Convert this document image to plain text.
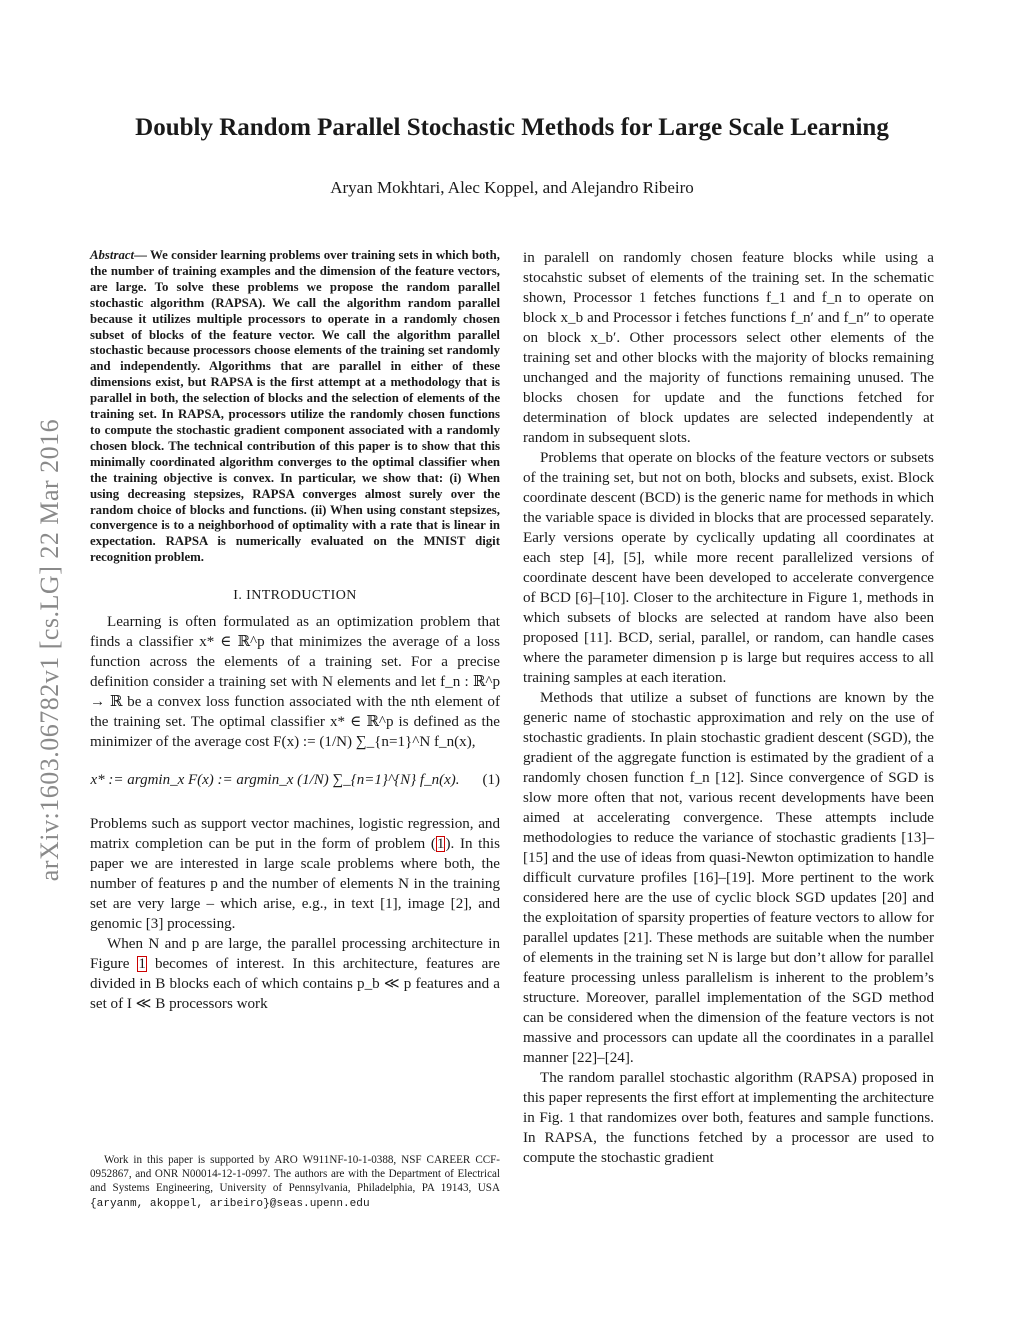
arXiv:1603.06782v1 [cs.LG] 22 Mar 2016
Doubly Random Parallel Stochastic Methods for Large Scale Learning
Aryan Mokhtari, Alec Koppel, and Alejandro Ribeiro

Abstract— We consider learning problems over training sets in which both, the number of training examples and the dimension of the feature vectors, are large. To solve these problems we propose the random parallel stochastic algorithm (RAPSA). We call the algorithm random parallel because it utilizes multiple processors to operate in a randomly chosen subset of blocks of the feature vector. We call the algorithm parallel stochastic because processors choose elements of the training set randomly and independently. Algorithms that are parallel in either of these dimensions exist, but RAPSA is the first attempt at a methodology that is parallel in both, the selection of blocks and the selection of elements of the training set. In RAPSA, processors utilize the randomly chosen functions to compute the stochastic gradient component associated with a randomly chosen block. The technical contribution of this paper is to show that this minimally coordinated algorithm converges to the optimal classifier when the training objective is convex. In particular, we show that: (i) When using decreasing stepsizes, RAPSA converges almost surely over the random choice of blocks and functions. (ii) When using constant stepsizes, convergence is to a neighborhood of optimality with a rate that is linear in expectation. RAPSA is numerically evaluated on the MNIST digit recognition problem.

I. INTRODUCTION

Learning is often formulated as an optimization problem that finds a classifier x* ∈ ℝ^p that minimizes the average of a loss function across the elements of a training set. For a precise definition consider a training set with N elements and let f_n : ℝ^p → ℝ be a convex loss function associated with the nth element of the training set. The optimal classifier x* ∈ ℝ^p is defined as the minimizer of the average cost F(x) := (1/N) ∑_{n=1}^N f_n(x),

x* := argmin_x F(x) := argmin_x (1/N) ∑_{n=1}^{N} f_n(x). (1)

Problems such as support vector machines, logistic regression, and matrix completion can be put in the form of problem (1). In this paper we are interested in large scale problems where both, the number of features p and the number of elements N in the training set are very large – which arise, e.g., in text [1], image [2], and genomic [3] processing.

When N and p are large, the parallel processing architecture in Figure 1 becomes of interest. In this architecture, features are divided in B blocks each of which contains p_b ≪ p features and a set of I ≪ B processors work

Work in this paper is supported by ARO W911NF-10-1-0388, NSF CAREER CCF-0952867, and ONR N00014-12-1-0997. The authors are with the Department of Electrical and Systems Engineering, University of Pennsylvania, Philadelphia, PA 19143, USA {aryanm, akoppel, aribeiro}@seas.upenn.edu

in paralell on randomly chosen feature blocks while using a stocahstic subset of elements of the training set. In the schematic shown, Processor 1 fetches functions f_1 and f_n to operate on block x_b and Processor i fetches functions f_n′ and f_n″ to operate on block x_b′. Other processors select other elements of the training set and other blocks with the majority of blocks remaining unchanged and the majority of functions remaining unused. The blocks chosen for update and the functions fetched for determination of block updates are selected independently at random in subsequent slots.

Problems that operate on blocks of the feature vectors or subsets of the training set, but not on both, blocks and subsets, exist. Block coordinate descent (BCD) is the generic name for methods in which the variable space is divided in blocks that are processed separately. Early versions operate by cyclically updating all coordinates at each step [4], [5], while more recent parallelized versions of coordinate descent have been developed to accelerate convergence of BCD [6]–[10]. Closer to the architecture in Figure 1, methods in which subsets of blocks are selected at random have also been proposed [11]. BCD, serial, parallel, or random, can handle cases where the parameter dimension p is large but requires access to all training samples at each iteration.

Methods that utilize a subset of functions are known by the generic name of stochastic approximation and rely on the use of stochastic gradients. In plain stochastic gradient descent (SGD), the gradient of the aggregate function is estimated by the gradient of a randomly chosen function f_n [12]. Since convergence of SGD is slow more often that not, various recent developments have been aimed at accelerating convergence. These attempts include methodologies to reduce the variance of stochastic gradients [13]–[15] and the use of ideas from quasi-Newton optimization to handle difficult curvature profiles [16]–[19]. More pertinent to the work considered here are the use of cyclic block SGD updates [20] and the exploitation of sparsity properties of feature vectors to allow for parallel updates [21]. These methods are suitable when the number of elements in the training set N is large but don’t allow for parallel feature processing unless parallelism is inherent to the problem’s structure. Moreover, parallel implementation of the SGD method can be considered when the dimension of the feature vectors is not massive and processors can update all the coordinates in a parallel manner [22]–[24].

The random parallel stochastic algorithm (RAPSA) proposed in this paper represents the first effort at implementing the architecture in Fig. 1 that randomizes over both, features and sample functions. In RAPSA, the functions fetched by a processor are used to compute the stochastic gradient
